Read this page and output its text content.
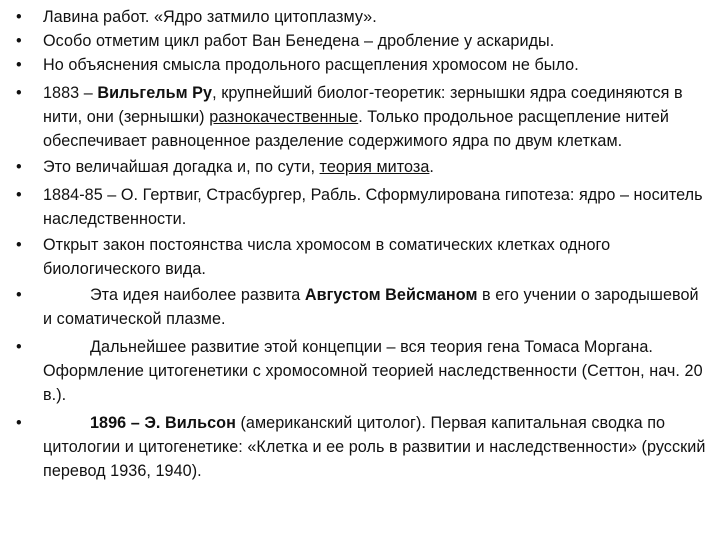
• Лавина работ. «Ядро затмило цитоплазму».
• Особо отметим цикл работ Ван Бенедена – дробление у аскариды.
• Но объяснения смысла продольного расщепления хромосом не было.
• 1883 – Вильгельм Ру, крупнейший биолог-теоретик: зернышки ядра соединяются в нити, они (зернышки) разнокачественные. Только продольное расщепление нитей обеспечивает равноценное разделение содержимого ядра по двум клеткам.
• Это величайшая догадка и, по сути, теория митоза.
• 1884-85 – О. Гертвиг, Страсбургер, Рабль. Сформулирована гипотеза: ядро – носитель наследственности.
• Открыт закон постоянства числа хромосом в соматических клетках одного биологического вида.
• Эта идея наиболее развита Августом Вейсманом в его учении о зародышевой и соматической плазме.
• Дальнейшее развитие этой концепции – вся теория гена Томаса Моргана. Оформление цитогенетики с хромосомной теорией наследственности (Сеттон, нач. 20 в.).
• 1896 – Э. Вильсон (американский цитолог). Первая капитальная сводка по цитологии и цитогенетике: «Клетка и ее роль в развитии и наследственности» (русский перевод 1936, 1940).
